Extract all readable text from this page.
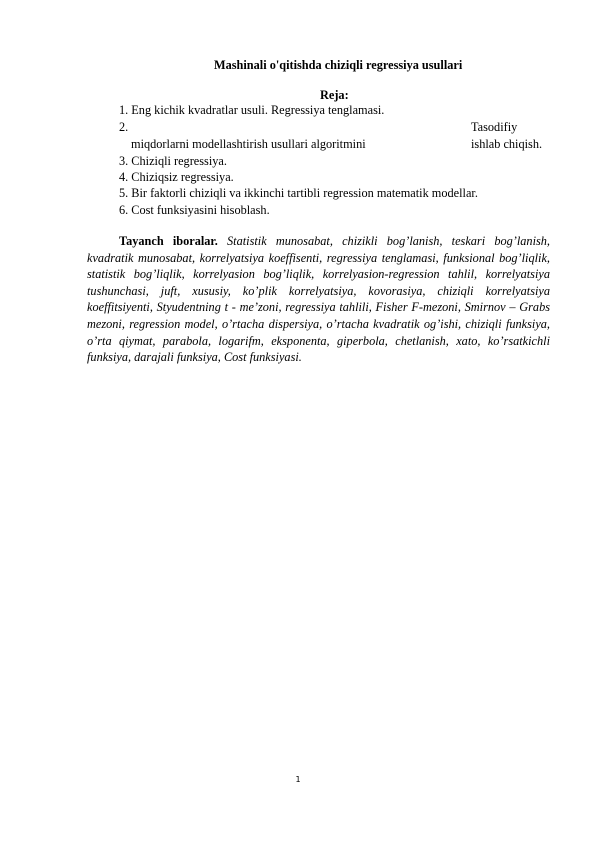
Mashinali o'qitishda chiziqli regressiya usullari
Reja:
1. Eng kichik kvadratlar usuli. Regressiya tenglamasi.
2.
miqdorlarni modellashtirish usullari algoritmini
Tasodifiy
ishlab chiqish.
3. Chiziqli regressiya.
4. Chiziqsiz regressiya.
5. Bir faktorli chiziqli va ikkinchi tartibli regression matematik modellar.
6. Cost funksiyasini hisoblash.
Tayanch iboralar. Statistik munosabat, chizikli bog’lanish, teskari bog’lanish, kvadratik munosabat, korrelyatsiya koeffisenti, regressiya tenglamasi, funksional bog’liqlik, statistik bog’liqlik, korrelyasion bog’liqlik, korrelyasion-regression tahlil, korrelyatsiya tushunchasi, juft, xususiy, ko’plik korrelyatsiya, kovorasiya, chiziqli korrelyatsiya koeffitsiyenti, Styudentning t - me’zoni, regressiya tahlili, Fisher F-mezoni, Smirnov – Grabs mezoni, regression model, o’rtacha dispersiya, o’rtacha kvadratik og’ishi, chiziqli funksiya, o’rta qiymat, parabola, logarifm, eksponenta, giperbola, chetlanish, xato, ko’rsatkichli funksiya, darajali funksiya, Cost funksiyasi.
1
